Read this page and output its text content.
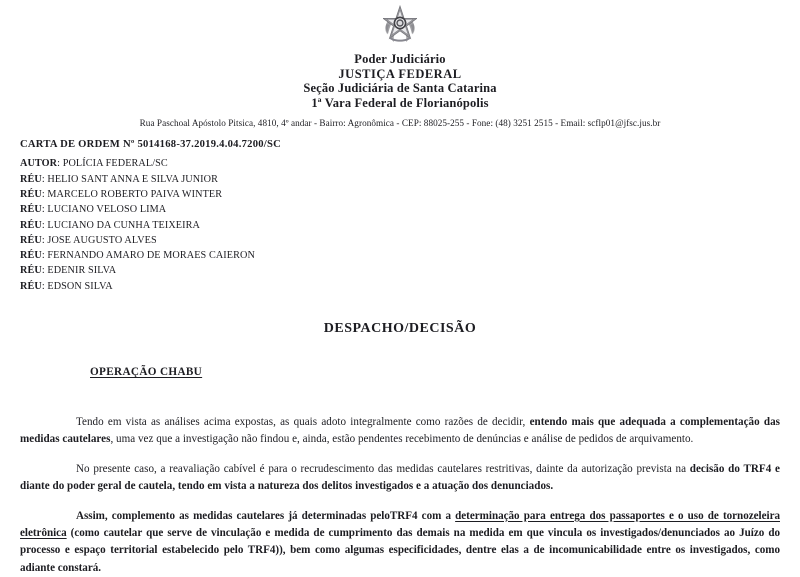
Poder Judiciário
JUSTIÇA FEDERAL
Seção Judiciária de Santa Catarina
1ª Vara Federal de Florianópolis
Rua Paschoal Apóstolo Pitsica, 4810, 4º andar - Bairro: Agronômica - CEP: 88025-255 - Fone: (48) 3251 2515 - Email: scflp01@jfsc.jus.br
CARTA DE ORDEM Nº 5014168-37.2019.4.04.7200/SC
AUTOR: POLÍCIA FEDERAL/SC
RÉU: HELIO SANT ANNA E SILVA JUNIOR
RÉU: MARCELO ROBERTO PAIVA WINTER
RÉU: LUCIANO VELOSO LIMA
RÉU: LUCIANO DA CUNHA TEIXEIRA
RÉU: JOSE AUGUSTO ALVES
RÉU: FERNANDO AMARO DE MORAES CAIERON
RÉU: EDENIR SILVA
RÉU: EDSON SILVA
DESPACHO/DECISÃO
OPERAÇÃO CHABU

Tendo em vista as análises acima expostas, as quais adoto integralmente como razões de decidir, entendo mais que adequada a complementação das medidas cautelares, uma vez que a investigação não findou e, ainda, estão pendentes recebimento de denúncias e análise de pedidos de arquivamento.

No presente caso, a reavaliação cabível é para o recrudescimento das medidas cautelares restritivas, dainte da autorização prevista na decisão do TRF4 e diante do poder geral de cautela, tendo em vista a natureza dos delitos investigados e a atuação dos denunciados.

Assim, complemento as medidas cautelares já determinadas peloTRF4 com a determinação para entrega dos passaportes e o uso de tornozeleira eletrônica (como cautelar que serve de vinculação e medida de cumprimento das demais na medida em que vincula os investigados/denunciados ao Juízo do processo e espaço territorial estabelecido pelo TRF4)), bem como algumas especificidades, dentre elas a de incomunicabilidade entre os investigados, como adiante constará.
